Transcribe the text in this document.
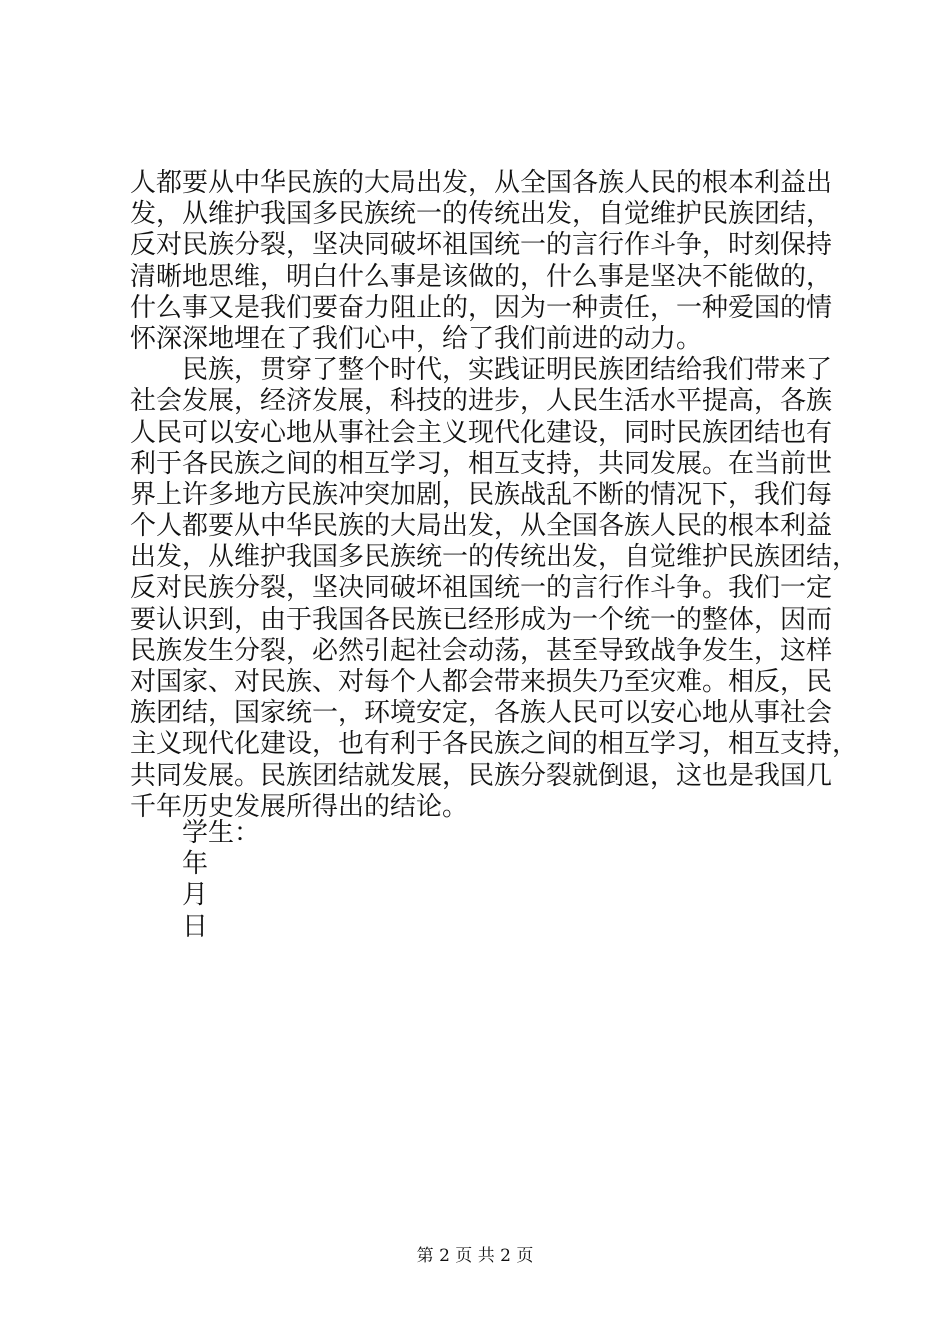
人都要从中华民族的大局出发，从全国各族人民的根本利益出
发，从维护我国多民族统一的传统出发，自觉维护民族团结，
反对民族分裂，坚决同破坏祖国统一的言行作斗争，时刻保持
清晰地思维，明白什么事是该做的，什么事是坚决不能做的，
什么事又是我们要奋力阻止的，因为一种责任，一种爱国的情
怀深深地埋在了我们心中，给了我们前进的动力。
民族，贯穿了整个时代，实践证明民族团结给我们带来了
社会发展，经济发展，科技的进步，人民生活水平提高，各族
人民可以安心地从事社会主义现代化建设，同时民族团结也有
利于各民族之间的相互学习，相互支持，共同发展。在当前世
界上许多地方民族冲突加剧，民族战乱不断的情况下，我们每
个人都要从中华民族的大局出发，从全国各族人民的根本利益
出发，从维护我国多民族统一的传统出发，自觉维护民族团结，
反对民族分裂，坚决同破坏祖国统一的言行作斗争。我们一定
要认识到，由于我国各民族已经形成为一个统一的整体，因而
民族发生分裂，必然引起社会动荡，甚至导致战争发生，这样
对国家、对民族、对每个人都会带来损失乃至灾难。相反，民
族团结，国家统一，环境安定，各族人民可以安心地从事社会
主义现代化建设，也有利于各民族之间的相互学习，相互支持，
共同发展。民族团结就发展，民族分裂就倒退，这也是我国几
千年历史发展所得出的结论。
学生：
年
月
日
第 2 页 共 2 页
